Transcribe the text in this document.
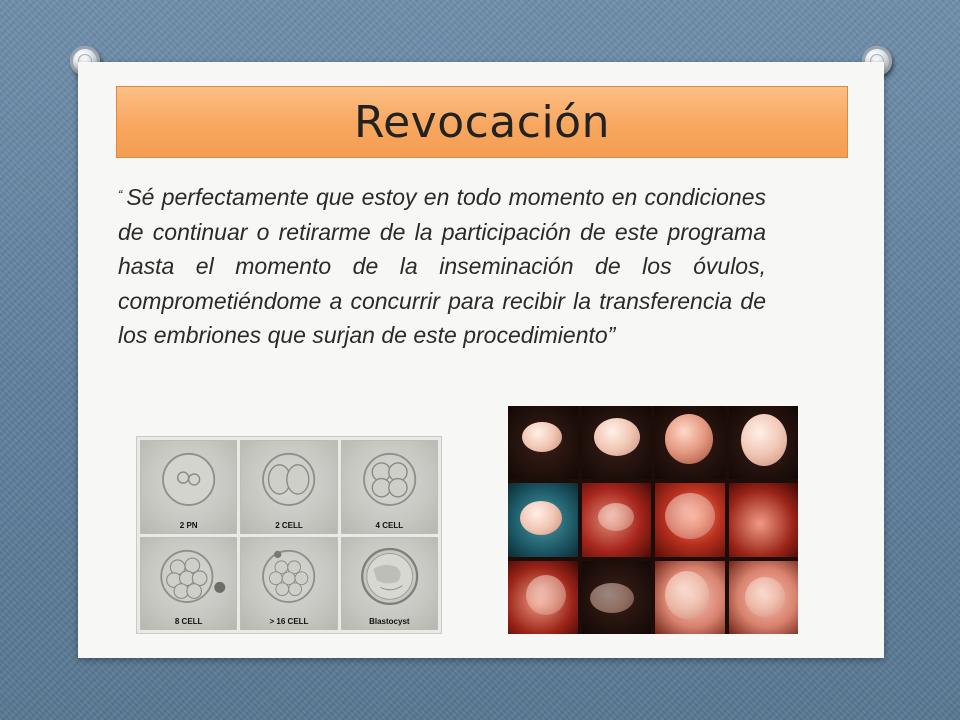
Revocación
“ Sé perfectamente que estoy en todo momento en condiciones de continuar o retirarme de la participación de este programa hasta el momento de la inseminación de los óvulos, comprometiéndome a concurrir para recibir la transferencia de los embriones que surjan de este procedimiento”
2 PN	2 CELL	4 CELL
8 CELL	> 16 CELL	Blastocyst
